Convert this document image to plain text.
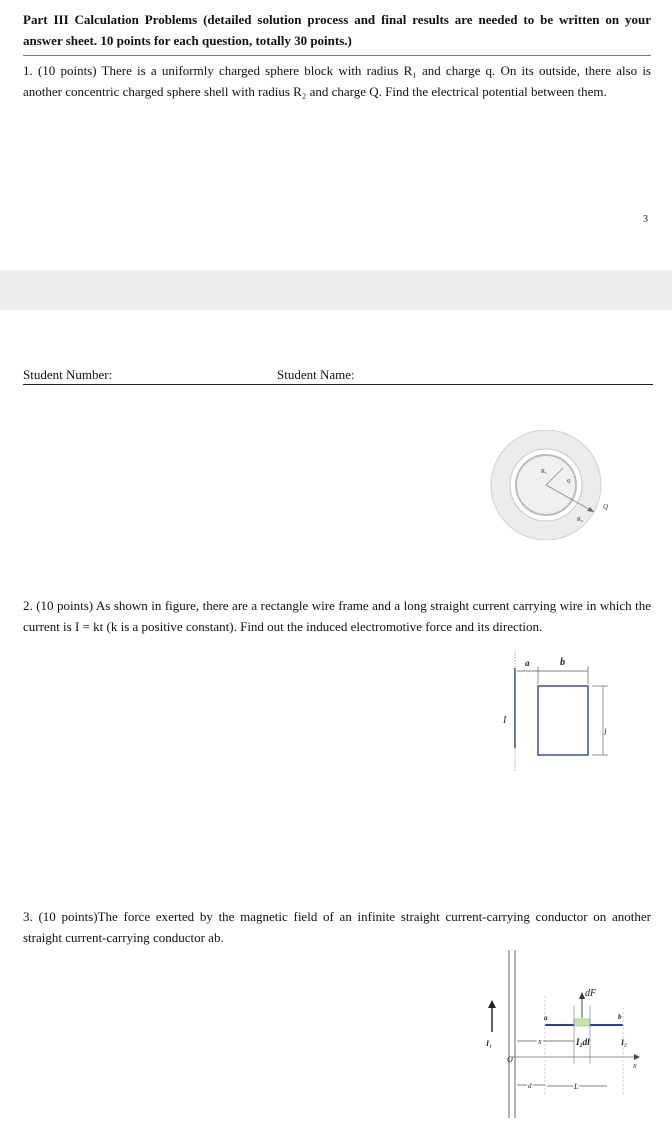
Part III Calculation Problems (detailed solution process and final results are needed to be written on your answer sheet. 10 points for each question, totally 30 points.)
1. (10 points) There is a uniformly charged sphere block with radius R₁ and charge q. On its outside, there also is another concentric charged sphere shell with radius R₂ and charge Q. Find the electrical potential between them.
3
Student Number:	Student Name:
R₁
q
R₂
Q
2. (10 points) As shown in figure, there are a rectangle wire frame and a long straight current carrying wire in which the current is I = kt (k is a positive constant). Find out the induced electromotive force and its direction.
a	b
I
l
3. (10 points)The force exerted by the magnetic field of an infinite straight current-carrying conductor on another straight current-carrying conductor ab.
I₁
O
x
dF⃗
a	b
x	I₂dl	I₂
d	L
